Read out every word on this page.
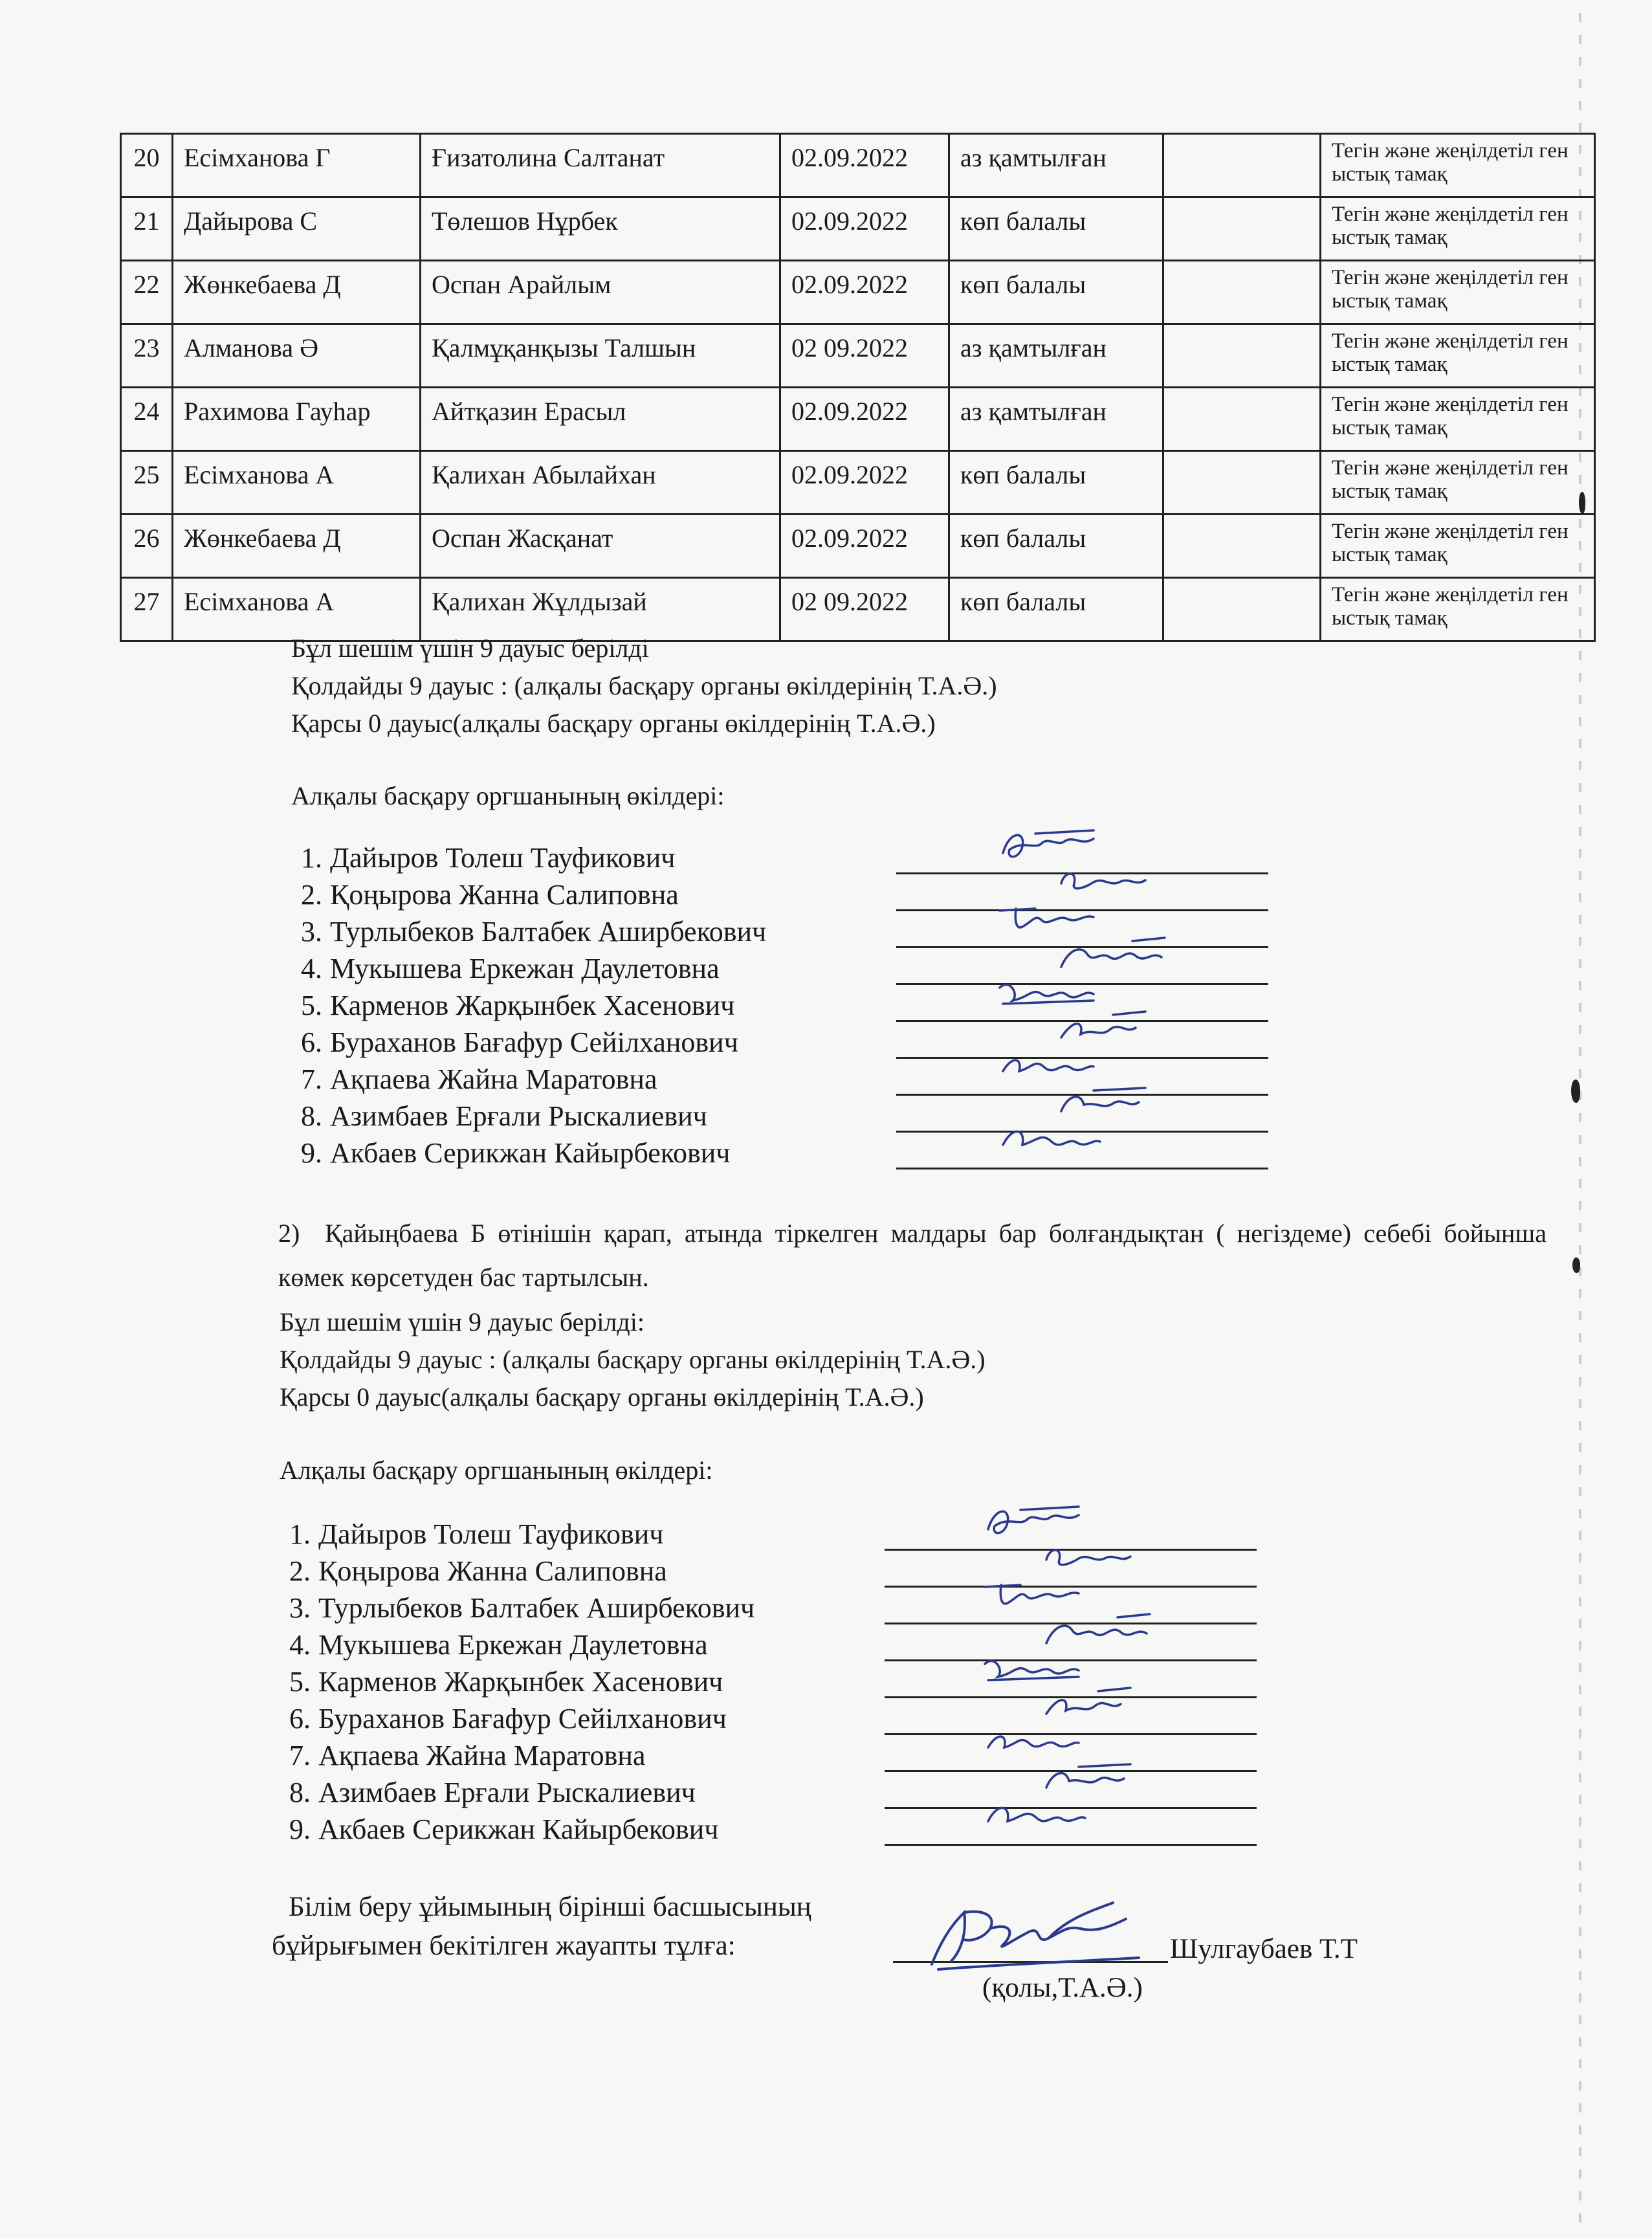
20	Есімханова Г	Ғизатолина Салтанат	02.09.2022	аз қамтылған		Тегін және жеңілдетіл ген ыстық тамақ
21	Дайырова С	Төлешов Нұрбек	02.09.2022	көп балалы		Тегін және жеңілдетіл ген ыстық тамақ
22	Жөнкебаева Д	Оспан Арайлым	02.09.2022	көп балалы		Тегін және жеңілдетіл ген ыстық тамақ
23	Алманова Ә	Қалмұқанқызы Талшын	02 09.2022	аз қамтылған		Тегін және жеңілдетіл ген ыстық тамақ
24	Рахимова Гауһар	Айтқазин Ерасыл	02.09.2022	аз қамтылған		Тегін және жеңілдетіл ген ыстық тамақ
25	Есімханова А	Қалихан Абылайхан	02.09.2022	көп балалы		Тегін және жеңілдетіл ген ыстық тамақ
26	Жөнкебаева Д	Оспан Жасқанат	02.09.2022	көп балалы		Тегін және жеңілдетіл ген ыстық тамақ
27	Есімханова А	Қалихан Жұлдызай	02 09.2022	көп балалы		Тегін және жеңілдетіл ген ыстық тамақ
Бұл шешім үшін 9 дауыс берілді
Қолдайды 9 дауыс : (алқалы басқару органы өкілдерінің Т.А.Ә.)
Қарсы 0 дауыс(алқалы басқару органы өкілдерінің Т.А.Ә.)
Алқалы басқару оргшанының өкілдері:
1. Дайыров Толеш Тауфикович
2. Қоңырова Жанна Салиповна
3. Турлыбеков Балтабек Аширбекович
4. Мукышева Еркежан Даулетовна
5. Карменов Жарқынбек Хасенович
6. Бураханов Бағафур Сейілханович
7. Ақпаева Жайна Маратовна
8. Азимбаев Ерғали Рыскалиевич
9. Акбаев Серикжан Кайырбекович
2) Қайыңбаева Б өтінішін қарап, атында тіркелген малдары бар болғандықтан ( негіздеме) себебі бойынша көмек көрсетуден бас тартылсын.
Бұл шешім үшін 9 дауыс берілді:
Қолдайды 9 дауыс : (алқалы басқару органы өкілдерінің Т.А.Ә.)
Қарсы 0 дауыс(алқалы басқару органы өкілдерінің Т.А.Ә.)
Алқалы басқару оргшанының өкілдері:
1. Дайыров Толеш Тауфикович
2. Қоңырова Жанна Салиповна
3. Турлыбеков Балтабек Аширбекович
4. Мукышева Еркежан Даулетовна
5. Карменов Жарқынбек Хасенович
6. Бураханов Бағафур Сейілханович
7. Ақпаева Жайна Маратовна
8. Азимбаев Ерғали Рыскалиевич
9. Акбаев Серикжан Кайырбекович
Білім беру ұйымының бірінші басшысының
бұйрығымен бекітілген жауапты тұлға:	Шулгаубаев Т.Т
(қолы,Т.А.Ә.)
